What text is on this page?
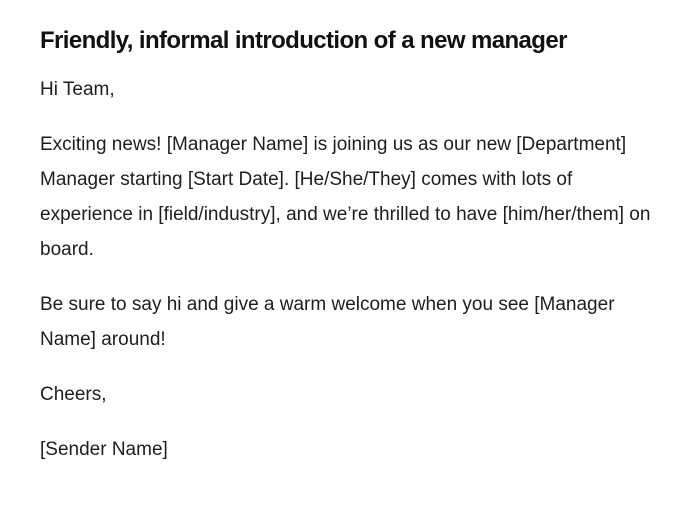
Friendly, informal introduction of a new manager

Hi Team,

Exciting news! [Manager Name] is joining us as our new [Department] Manager starting [Start Date]. [He/She/They] comes with lots of experience in [field/industry], and we’re thrilled to have [him/her/them] on board.

Be sure to say hi and give a warm welcome when you see [Manager Name] around!

Cheers,

[Sender Name]
